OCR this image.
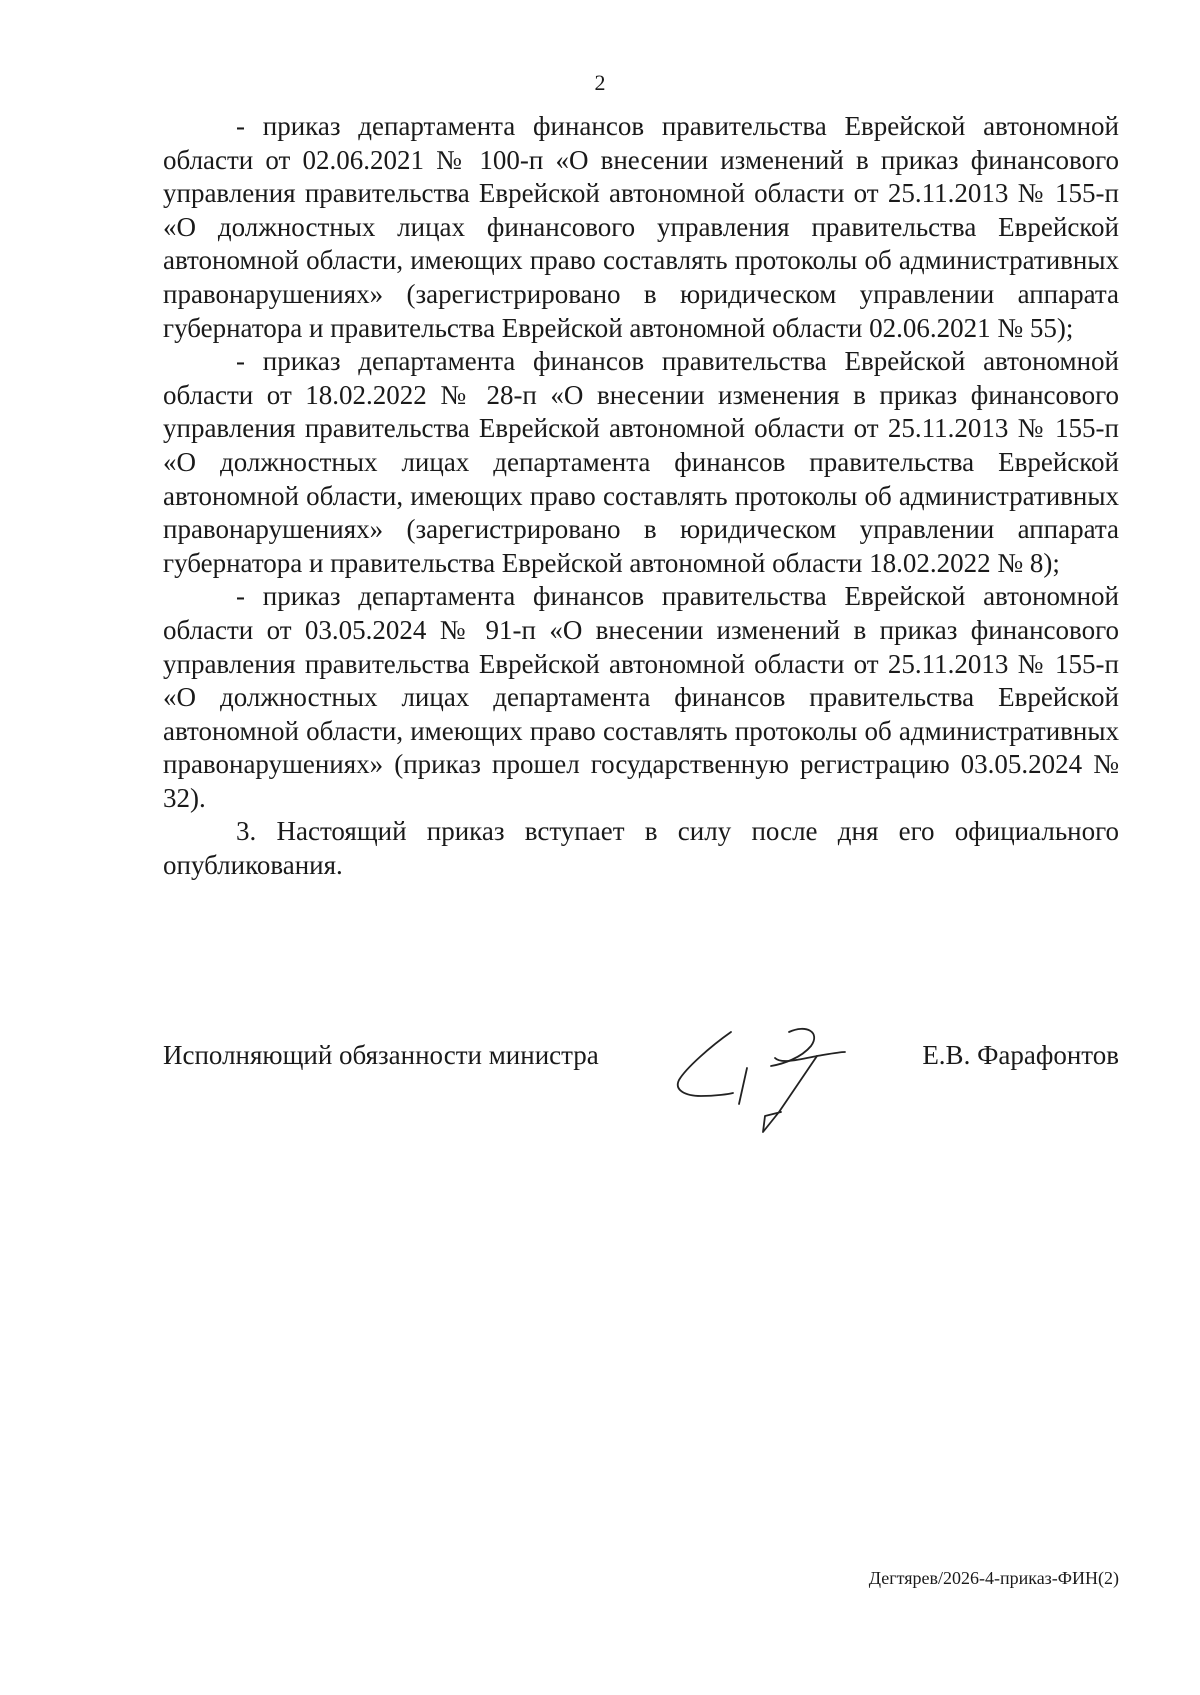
2

- приказ департамента финансов правительства Еврейской автономной области от 02.06.2021 № 100-п «О внесении изменений в приказ финансового управления правительства Еврейской автономной области от 25.11.2013 № 155-п «О должностных лицах финансового управления правительства Еврейской автономной области, имеющих право составлять протоколы об административных правонарушениях» (зарегистрировано в юридическом управлении аппарата губернатора и правительства Еврейской автономной области 02.06.2021 № 55);

- приказ департамента финансов правительства Еврейской автономной области от 18.02.2022 № 28-п «О внесении изменения в приказ финансового управления правительства Еврейской автономной области от 25.11.2013 № 155-п «О должностных лицах департамента финансов правительства Еврейской автономной области, имеющих право составлять протоколы об административных правонарушениях» (зарегистрировано в юридическом управлении аппарата губернатора и правительства Еврейской автономной области 18.02.2022 № 8);

- приказ департамента финансов правительства Еврейской автономной области от 03.05.2024 № 91-п «О внесении изменений в приказ финансового управления правительства Еврейской автономной области от 25.11.2013 № 155-п «О должностных лицах департамента финансов правительства Еврейской автономной области, имеющих право составлять протоколы об административных правонарушениях» (приказ прошел государственную регистрацию 03.05.2024 № 32).

3. Настоящий приказ вступает в силу после дня его официального опубликования.

Исполняющий обязанности министра	Е.В. Фарафонтов
Дегтярев/2026-4-приказ-ФИН(2)
